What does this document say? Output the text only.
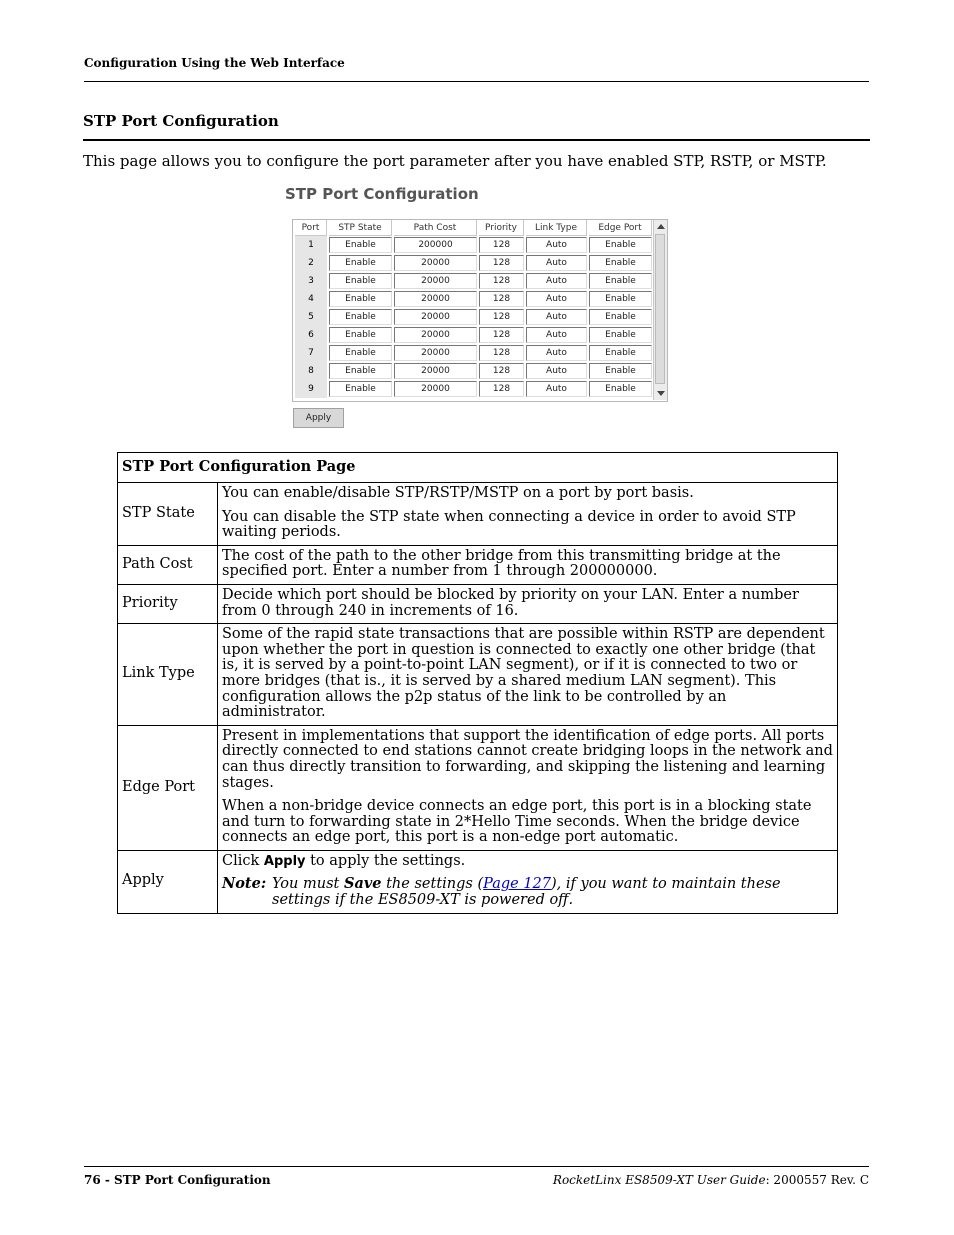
Configuration Using the Web Interface
STP Port Configuration
This page allows you to configure the port parameter after you have enabled STP, RSTP, or MSTP.
STP Port Configuration
Port	STP State	Path Cost	Priority	Link Type	Edge Port
1	Enable	200000	128	Auto	Enable

2	Enable	20000	128	Auto	Enable

3	Enable	20000	128	Auto	Enable

4	Enable	20000	128	Auto	Enable

5	Enable	20000	128	Auto	Enable

6	Enable	20000	128	Auto	Enable

7	Enable	20000	128	Auto	Enable

8	Enable	20000	128	Auto	Enable

9	Enable	20000	128	Auto	Enable
Apply
STP Port Configuration Page	
STP State	You can enable/disable STP/RSTP/MSTP on a port by port basis.

You can disable the STP state when connecting a device in order to avoid STP waiting periods.

Path Cost	The cost of the path to the other bridge from this transmitting bridge at the specified port. Enter a number from 1 through 200000000.

Priority	Decide which port should be blocked by priority on your LAN. Enter a number from 0 through 240 in increments of 16.

Link Type	Some of the rapid state transactions that are possible within RSTP are dependent upon whether the port in question is connected to exactly one other bridge (that is, it is served by a point-to-point LAN segment), or if it is connected to two or more bridges (that is., it is served by a shared medium LAN segment). This configuration allows the p2p status of the link to be controlled by an administrator.

Edge Port	Present in implementations that support the identification of edge ports. All ports directly connected to end stations cannot create bridging loops in the network and can thus directly transition to forwarding, and skipping the listening and learning stages.

When a non-bridge device connects an edge port, this port is in a blocking state and turn to forwarding state in 2*Hello Time seconds. When the bridge device connects an edge port, this port is a non-edge port automatic.

Apply	Click Apply to apply the settings.

Note: You must Save the settings (Page 127), if you want to maintain these settings if the ES8509-XT is powered off.
76 - STP Port Configuration	RocketLinx ES8509-XT User Guide: 2000557 Rev. C
